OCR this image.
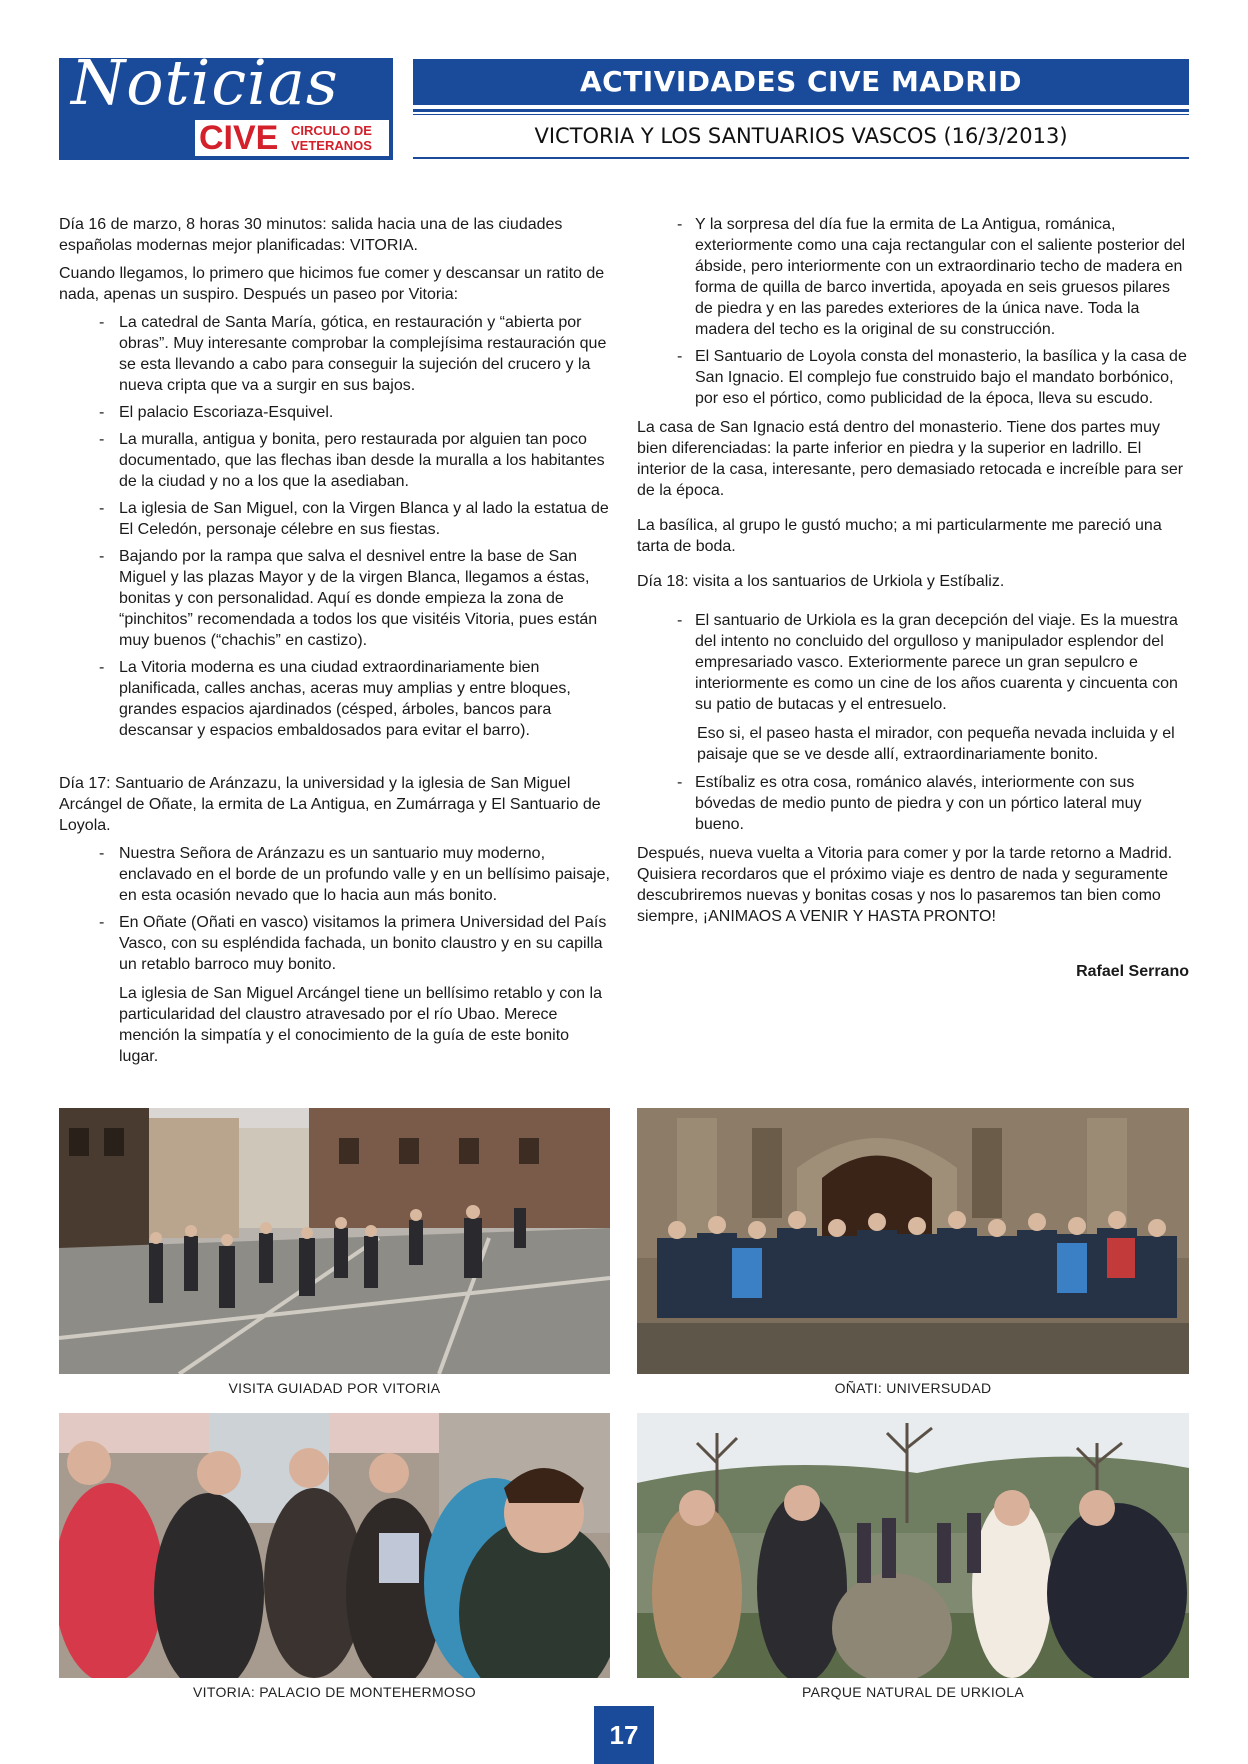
Noticias
CIVE CIRCULO DE
VETERANOS
ACTIVIDADES CIVE MADRID
VICTORIA Y LOS SANTUARIOS VASCOS (16/3/2013)

Día 16 de marzo, 8 horas 30 minutos: salida hacia una de las ciudades españolas modernas mejor planificadas: VITORIA.

Cuando llegamos, lo primero que hicimos fue comer y descansar un ratito de nada, apenas un suspiro. Después un paseo por Vitoria:

- La catedral de Santa María, gótica, en restauración y “abierta por obras”. Muy interesante comprobar la complejísima restauración que se esta llevando a cabo para conseguir la sujeción del crucero y la nueva cripta que va a surgir en sus bajos.
- El palacio Escoriaza-Esquivel.
- La muralla, antigua y bonita, pero restaurada por alguien tan poco documentado, que las flechas iban desde la muralla a los habitantes de la ciudad y no a los que la asediaban.
- La iglesia de San Miguel, con la Virgen Blanca y al lado la estatua de El Celedón, personaje célebre en sus fiestas.
- Bajando por la rampa que salva el desnivel entre la base de San Miguel y las plazas Mayor y de la virgen Blanca, llegamos a éstas, bonitas y con personalidad. Aquí es donde empieza la zona de “pinchitos” recomendada a todos los que visitéis Vitoria, pues están muy buenos (“chachis” en castizo).
- La Vitoria moderna es una ciudad extraordinariamente bien planificada, calles anchas, aceras muy amplias y entre bloques, grandes espacios ajardinados (césped, árboles, bancos para descansar y espacios embaldosados para evitar el barro).

Día 17: Santuario de Aránzazu, la universidad y la iglesia de San Miguel Arcángel de Oñate, la ermita de La Antigua, en Zumárraga y El Santuario de Loyola.

- Nuestra Señora de Aránzazu es un santuario muy moderno, enclavado en el borde de un profundo valle y en un bellísimo paisaje, en esta ocasión nevado que lo hacia aun más bonito.
- En Oñate (Oñati en vasco) visitamos la primera Universidad del País Vasco, con su espléndida fachada, un bonito claustro y en su capilla un retablo barroco muy bonito.

La iglesia de San Miguel Arcángel tiene un bellísimo retablo y con la particularidad del claustro atravesado por el río Ubao. Merece mención la simpatía y el conocimiento de la guía de este bonito lugar.

- Y la sorpresa del día fue la ermita de La Antigua, románica, exteriormente como una caja rectangular con el saliente posterior del ábside, pero interiormente con un extraordinario techo de madera en forma de quilla de barco invertida, apoyada en seis gruesos pilares de piedra y en las paredes exteriores de la única nave. Toda la madera del techo es la original de su construcción.
- El Santuario de Loyola consta del monasterio, la basílica y la casa de San Ignacio. El complejo fue construido bajo el mandato borbónico, por eso el pórtico, como publicidad de la época, lleva su escudo.

La casa de San Ignacio está dentro del monasterio. Tiene dos partes muy bien diferenciadas: la parte inferior en piedra y la superior en ladrillo. El interior de la casa, interesante, pero demasiado retocada e increíble para ser de la época.

La basílica, al grupo le gustó mucho; a mi particularmente me pareció una tarta de boda.

Día 18: visita a los santuarios de Urkiola y Estíbaliz.

- El santuario de Urkiola es la gran decepción del viaje. Es la muestra del intento no concluido del orgulloso y manipulador esplendor del empresariado vasco. Exteriormente parece un gran sepulcro e interiormente es como un cine de los años cuarenta y cincuenta con su patio de butacas y el entresuelo.

Eso si, el paseo hasta el mirador, con pequeña nevada incluida y el paisaje que se ve desde allí, extraordinariamente bonito.

- Estíbaliz es otra cosa, románico alavés, interiormente con sus bóvedas de medio punto de piedra y con un pórtico lateral muy bueno.

Después, nueva vuelta a Vitoria para comer y por la tarde retorno a Madrid. Quisiera recordaros que el próximo viaje es dentro de nada y seguramente descubriremos nuevas y bonitas cosas y nos lo pasaremos tan bien como siempre, ¡ANIMAOS A VENIR Y HASTA PRONTO!

Rafael Serrano

VISITA GUIADAD POR VITORIA	OÑATI: UNIVERSUDAD
VITORIA: PALACIO DE MONTEHERMOSO	PARQUE NATURAL DE URKIOLA
17
